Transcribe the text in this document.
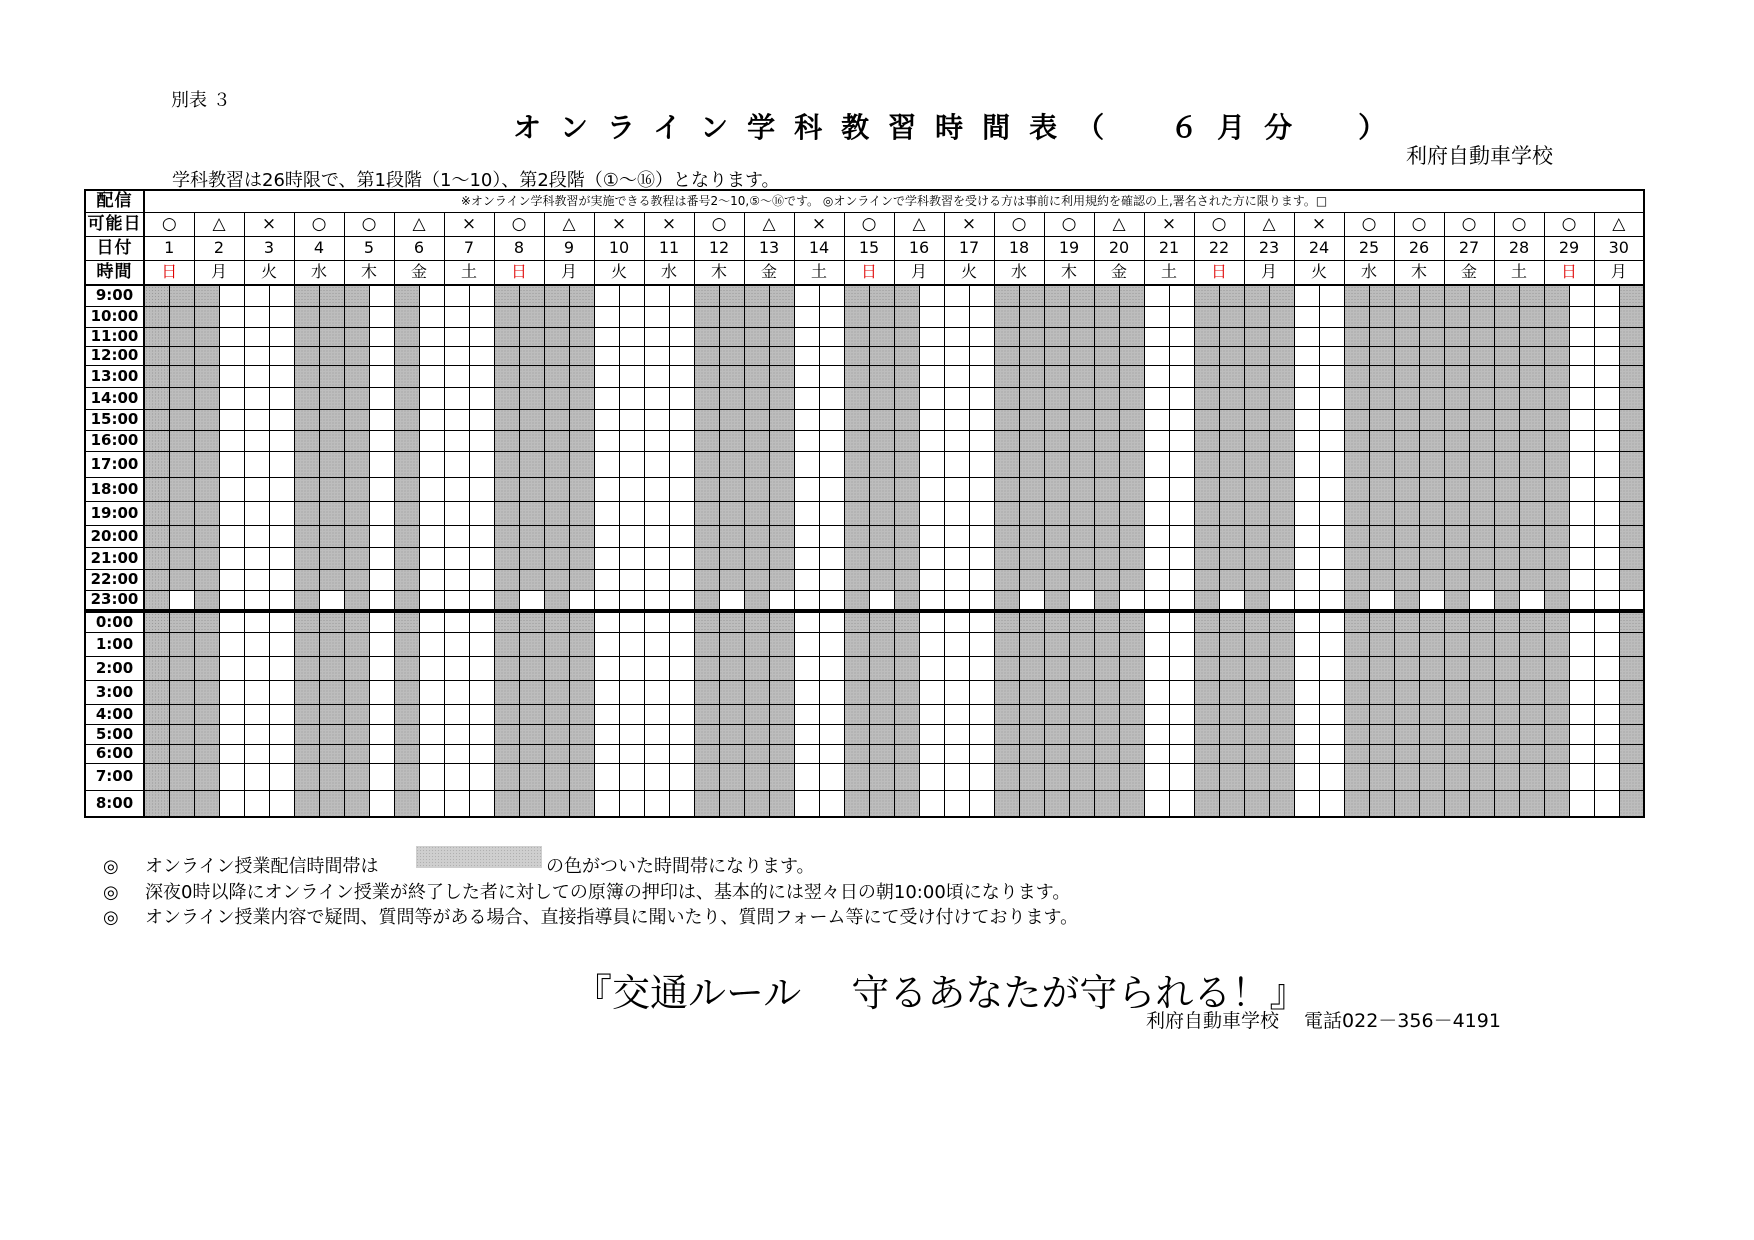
別表 ３
オンライン学科教習時間表（　６月分　）
利府自動車学校
学科教習は26時限で、第1段階（1～10）、第2段階（①～⑯）となります。
配信	※オンライン学科教習が実施できる教程は番号2～10,⑤～⑯です。 ◎オンラインで学科教習を受ける方は事前に利用規約を確認の上,署名された方に限ります。□																																																											
可能日	○		△		×		○		○		△		×		○		△		×		×		○		△		×		○		△		×		○		○		△		×		○		△		×		○		○		○		○		○		△	
日付	1		2		3		4		5		6		7		8		9		10		11		12		13		14		15		16		17		18		19		20		21		22		23		24		25		26		27		28		29		30	
時間	日		月		火		水		木		金		土		日		月		火		水		木		金		土		日		月		火		水		木		金		土		日		月		火		水		木		金		土		日		月	
9:00																																																												
10:00																																																												
11:00																																																												
12:00																																																												
13:00																																																												
14:00																																																												
15:00																																																												
16:00																																																												
17:00																																																												
18:00																																																												
19:00																																																												
20:00																																																												
21:00																																																												
22:00																																																												
23:00																																																												
0:00																																																												
1:00																																																												
2:00																																																												
3:00																																																												
4:00																																																												
5:00																																																												
6:00																																																												
7:00																																																												
8:00																																																												
◎ オンライン授業配信時間帯は	の色がついた時間帯になります。
◎ 深夜0時以降にオンライン授業が終了した者に対しての原簿の押印は、基本的には翌々日の朝10:00頃になります。
◎ オンライン授業内容で疑問、質問等がある場合、直接指導員に聞いたり、質問フォーム等にて受け付けております。
『交通ルール　 守るあなたが守られる！』
利府自動車学校　 電話022－356－4191
